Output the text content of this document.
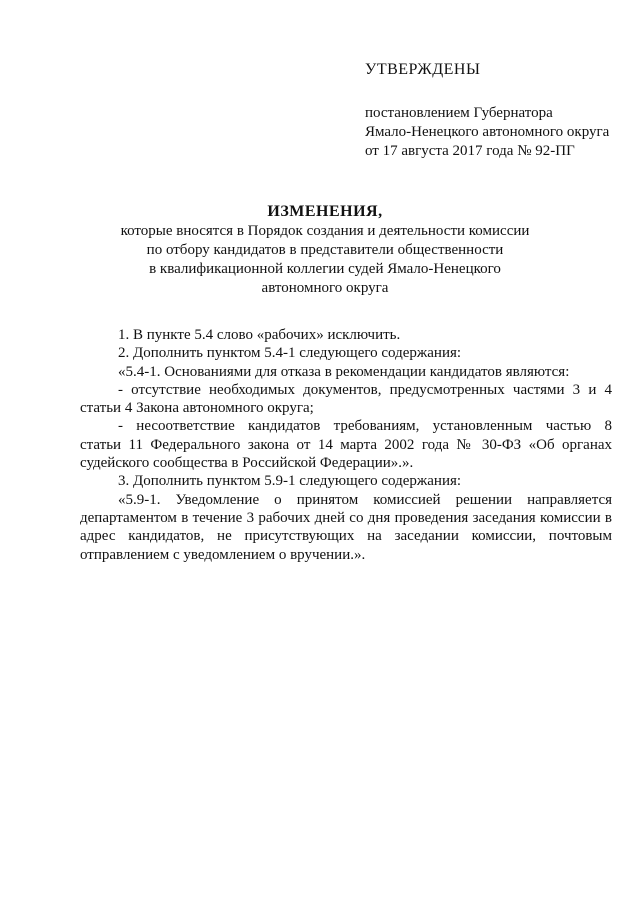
УТВЕРЖДЕНЫ
постановлением Губернатора
Ямало-Ненецкого автономного округа
от 17 августа 2017 года № 92-ПГ
ИЗМЕНЕНИЯ,
которые вносятся в Порядок создания и деятельности комиссии
по отбору кандидатов в представители общественности
в квалификационной коллегии судей Ямало-Ненецкого
автономного округа
1. В пункте 5.4 слово «рабочих» исключить.
2. Дополнить пунктом 5.4-1 следующего содержания:
«5.4-1. Основаниями для отказа в рекомендации кандидатов являются:
- отсутствие необходимых документов, предусмотренных частями 3 и 4
статьи 4 Закона автономного округа;
- несоответствие кандидатов требованиям, установленным частью 8
статьи 11 Федерального закона от 14 марта 2002 года № 30-ФЗ «Об органах
судейского сообщества в Российской Федерации».».
3. Дополнить пунктом 5.9-1 следующего содержания:
«5.9-1. Уведомление о принятом комиссией решении направляется
департаментом в течение 3 рабочих дней со дня проведения заседания комиссии в
адрес кандидатов, не присутствующих на заседании комиссии, почтовым
отправлением с уведомлением о вручении.».
